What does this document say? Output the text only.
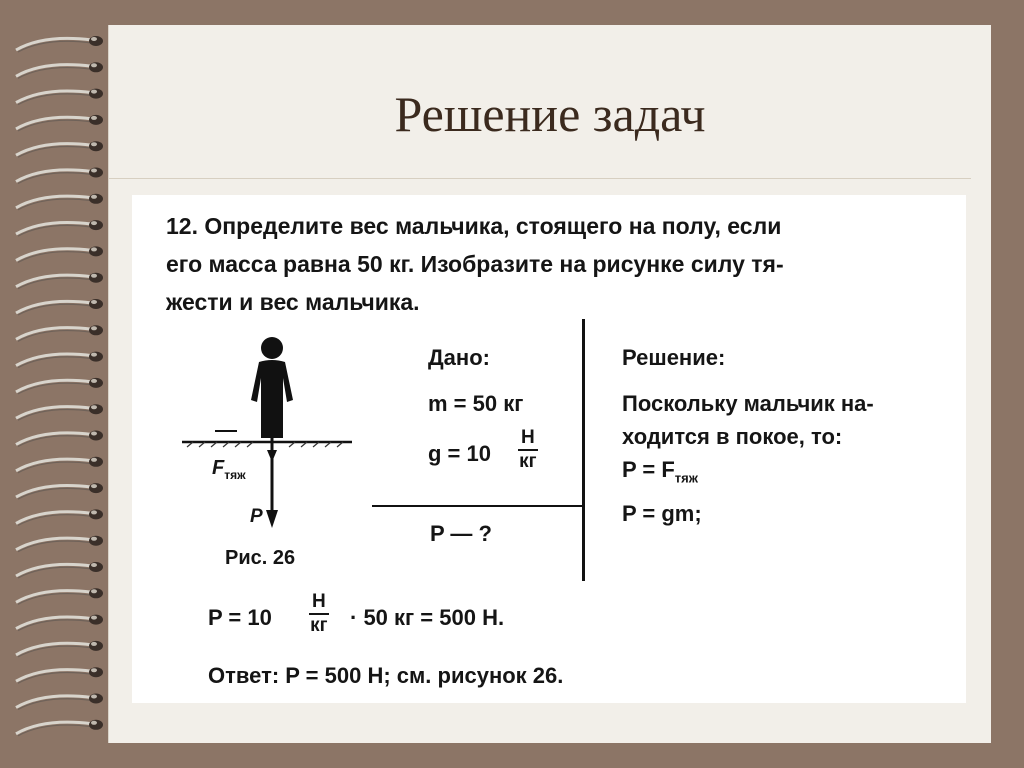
Решение задач
12. Определите вес мальчика, стоящего на полу, если
его масса равна 50 кг. Изобразите на рисунке силу тя-
жести и вес мальчика.
$F_{тяж}$
P
Рис. 26
Дано:
m = 50 кг
g = 10
Н
кг
P — ?
Решение:
Поскольку мальчик на-
ходится в покое, то:
$P = F_{тяж}$
P = gm;
P = 10
Н
кг · 50 кг = 500 Н.
Ответ: P = 500 Н; см. рисунок 26.
